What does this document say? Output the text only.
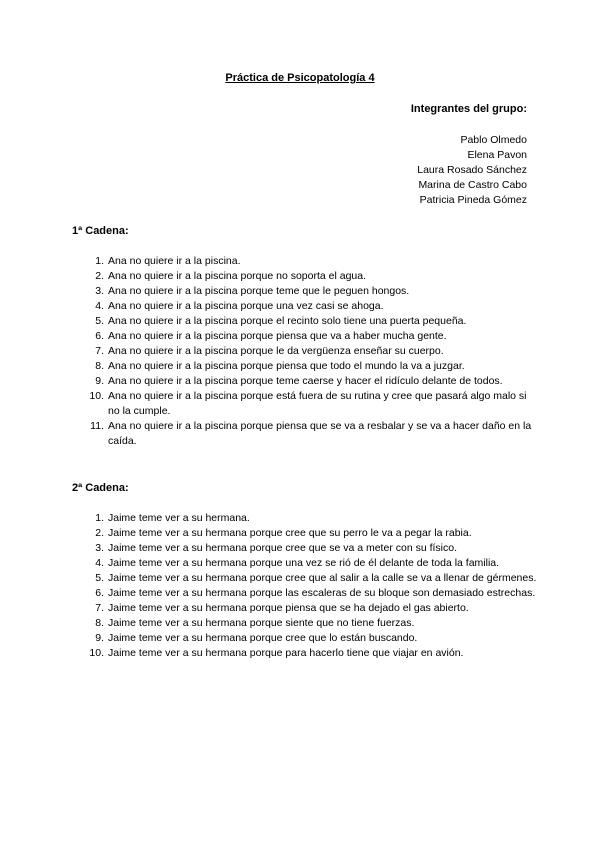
Práctica de Psicopatología 4
Integrantes del grupo:
Pablo Olmedo
Elena Pavon
Laura Rosado Sánchez
Marina de Castro Cabo
Patricia Pineda Gómez
1ª Cadena:
1. Ana no quiere ir a la piscina.
2. Ana no quiere ir a la piscina porque no soporta el agua.
3. Ana no quiere ir a la piscina porque teme que le peguen hongos.
4. Ana no quiere ir a la piscina porque una vez casi se ahoga.
5. Ana no quiere ir a la piscina porque el recinto solo tiene una puerta pequeña.
6. Ana no quiere ir a la piscina porque piensa que va a haber mucha gente.
7. Ana no quiere ir a la piscina porque le da vergüenza enseñar su cuerpo.
8. Ana no quiere ir a la piscina porque piensa que todo el mundo la va a juzgar.
9. Ana no quiere ir a la piscina porque teme caerse y hacer el ridículo delante de todos.
10. Ana no quiere ir a la piscina porque está fuera de su rutina y cree que pasará algo malo si no la cumple.
11. Ana no quiere ir a la piscina porque piensa que se va a resbalar y se va a hacer daño en la caída.
2ª Cadena:
1. Jaime teme ver a su hermana.
2. Jaime teme ver a su hermana porque cree que su perro le va a pegar la rabia.
3. Jaime teme ver a su hermana porque cree que se va a meter con su físico.
4. Jaime teme ver a su hermana porque una vez se rió de él delante de toda la familia.
5. Jaime teme ver a su hermana porque cree que al salir a la calle se va a llenar de gérmenes.
6. Jaime teme ver a su hermana porque las escaleras de su bloque son demasiado estrechas.
7. Jaime teme ver a su hermana porque piensa que se ha dejado el gas abierto.
8. Jaime teme ver a su hermana porque siente que no tiene fuerzas.
9. Jaime teme ver a su hermana porque cree que lo están buscando.
10. Jaime teme ver a su hermana porque para hacerlo tiene que viajar en avión.
